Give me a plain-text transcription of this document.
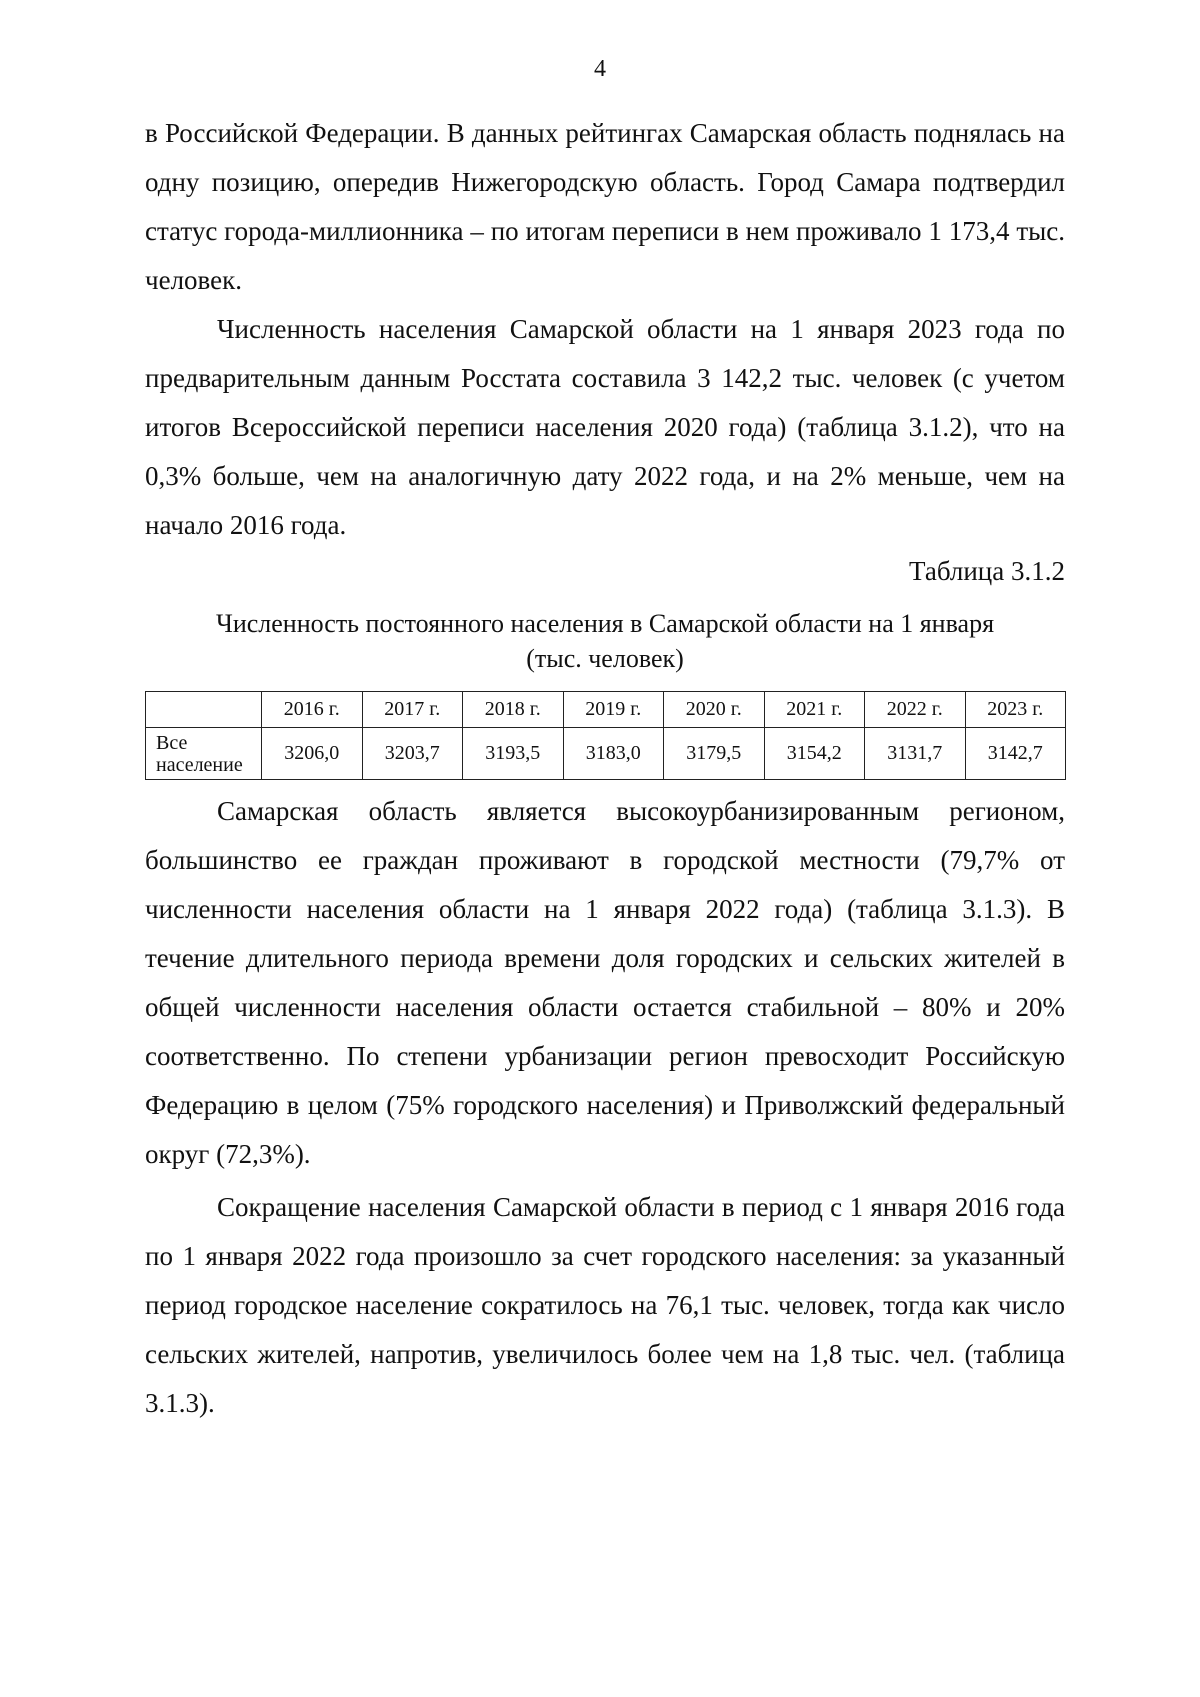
4

в Российской Федерации. В данных рейтингах Самарская область поднялась на одну позицию, опередив Нижегородскую область. Город Самара подтвердил статус города-миллионника – по итогам переписи в нем проживало 1 173,4 тыс. человек.

Численность населения Самарской области на 1 января 2023 года по предварительным данным Росстата составила 3 142,2 тыс. человек (с учетом итогов Всероссийской переписи населения 2020 года) (таблица 3.1.2), что на 0,3% больше, чем на аналогичную дату 2022 года, и на 2% меньше, чем на начало 2016 года.

Таблица 3.1.2
Численность постоянного населения в Самарской области на 1 января
(тыс. человек)
	2016 г.	2017 г.	2018 г.	2019 г.	2020 г.	2021 г.	2022 г.	2023 г.

Все
население	3206,0	3203,7	3193,5	3183,0	3179,5	3154,2	3131,7	3142,7

Самарская область является высокоурбанизированным регионом, большинство ее граждан проживают в городской местности (79,7% от численности населения области на 1 января 2022 года) (таблица 3.1.3). В течение длительного периода времени доля городских и сельских жителей в общей численности населения области остается стабильной – 80% и 20% соответственно. По степени урбанизации регион превосходит Российскую Федерацию в целом (75% городского населения) и Приволжский федеральный округ (72,3%).

Сокращение населения Самарской области в период с 1 января 2016 года по 1 января 2022 года произошло за счет городского населения: за указанный период городское население сократилось на 76,1 тыс. человек, тогда как число сельских жителей, напротив, увеличилось более чем на 1,8 тыс. чел. (таблица 3.1.3).
